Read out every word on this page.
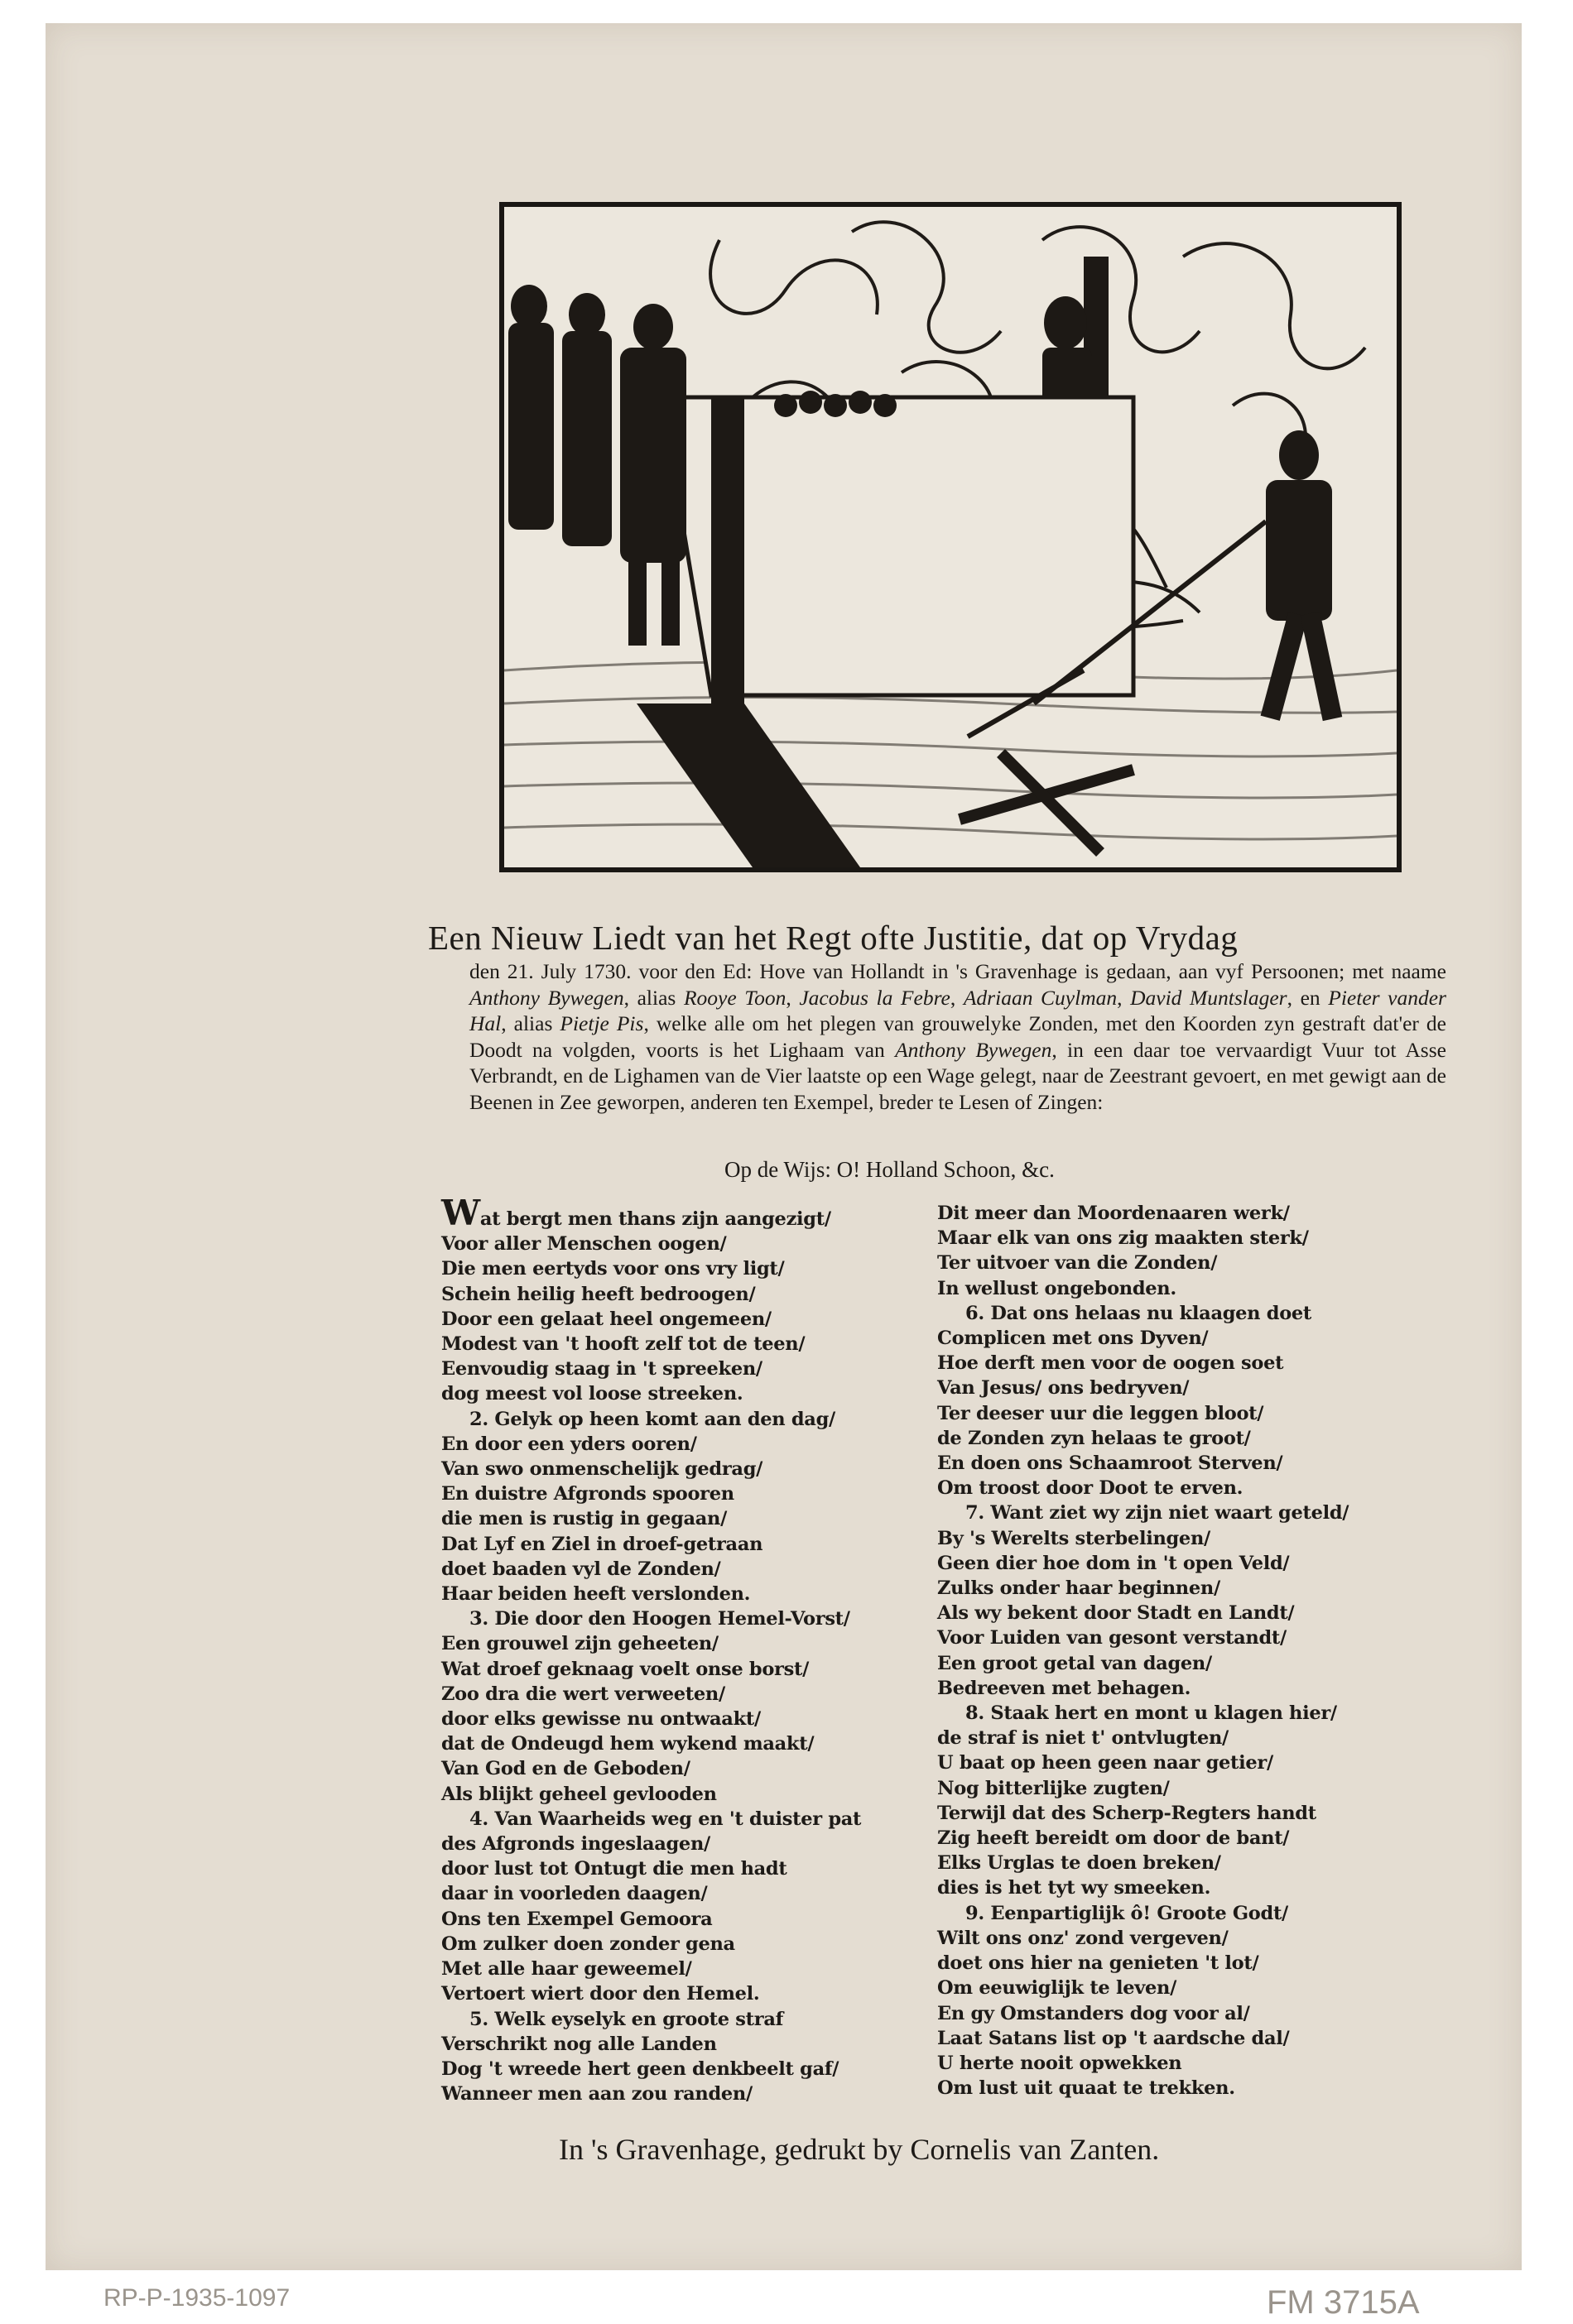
Een Nieuw Liedt van het Regt ofte Justitie, dat op Vrydag

den 21. July 1730. voor den Ed: Hove van Hollandt in 's Gravenhage is gedaan, aan vyf Persoonen; met naame Anthony Bywegen, alias Rooye Toon, Jacobus la Febre, Adriaan Cuylman, David Muntslager, en Pieter vander Hal, alias Pietje Pis, welke alle om het plegen van grouwelyke Zonden, met den Koorden zyn gestraft dat'er de Doodt na volgden, voorts is het Lighaam van Anthony Bywegen, in een daar toe vervaardigt Vuur tot Asse Verbrandt, en de Lighamen van de Vier laatste op een Wage gelegt, naar de Zeestrant gevoert, en met gewigt aan de Beenen in Zee geworpen, anderen ten Exempel, breder te Lesen of Zingen:

Op de Wijs: O! Holland Schoon, &c.

Wat bergt men thans zijn aangezigt/
Voor aller Menschen oogen/
Die men eertyds voor ons vry ligt/
Schein heilig heeft bedroogen/
Door een gelaat heel ongemeen/
Modest van 't hooft zelf tot de teen/
Eenvoudig staag in 't spreeken/
dog meest vol loose streeken.
2. Gelyk op heen komt aan den dag/
En door een yders ooren/
Van swo onmenschelijk gedrag/
En duistre Afgronds spooren
die men is rustig in gegaan/
Dat Lyf en Ziel in droef-getraan
doet baaden vyl de Zonden/
Haar beiden heeft verslonden.
3. Die door den Hoogen Hemel-Vorst/
Een grouwel zijn geheeten/
Wat droef geknaag voelt onse borst/
Zoo dra die wert verweeten/
door elks gewisse nu ontwaakt/
dat de Ondeugd hem wykend maakt/
Van God en de Geboden/
Als blijkt geheel gevlooden
4. Van Waarheids weg en 't duister pat
des Afgronds ingeslaagen/
door lust tot Ontugt die men hadt
daar in voorleden daagen/
Ons ten Exempel Gemoora
Om zulker doen zonder gena
Met alle haar geweemel/
Vertoert wiert door den Hemel.
5. Welk eyselyk en groote straf
Verschrikt nog alle Landen
Dog 't wreede hert geen denkbeelt gaf/
Wanneer men aan zou randen/
Dit meer dan Moordenaaren werk/
Maar elk van ons zig maakten sterk/
Ter uitvoer van die Zonden/
In wellust ongebonden.
6. Dat ons helaas nu klaagen doet
Complicen met ons Dyven/
Hoe derft men voor de oogen soet
Van Jesus/ ons bedryven/
Ter deeser uur die leggen bloot/
de Zonden zyn helaas te groot/
En doen ons Schaamroot Sterven/
Om troost door Doot te erven.
7. Want ziet wy zijn niet waart geteld/
By 's Werelts sterbelingen/
Geen dier hoe dom in 't open Veld/
Zulks onder haar beginnen/
Als wy bekent door Stadt en Landt/
Voor Luiden van gesont verstandt/
Een groot getal van dagen/
Bedreeven met behagen.
8. Staak hert en mont u klagen hier/
de straf is niet t' ontvlugten/
U baat op heen geen naar getier/
Nog bitterlijke zugten/
Terwijl dat des Scherp-Regters handt
Zig heeft bereidt om door de bant/
Elks Urglas te doen breken/
dies is het tyt wy smeeken.
9. Eenpartiglijk ô! Groote Godt/
Wilt ons onz' zond vergeven/
doet ons hier na genieten 't lot/
Om eeuwiglijk te leven/
En gy Omstanders dog voor al/
Laat Satans list op 't aardsche dal/
U herte nooit opwekken
Om lust uit quaat te trekken.

In 's Gravenhage, gedrukt by Cornelis van Zanten.

RP-P-1935-1097	FM 3715A
